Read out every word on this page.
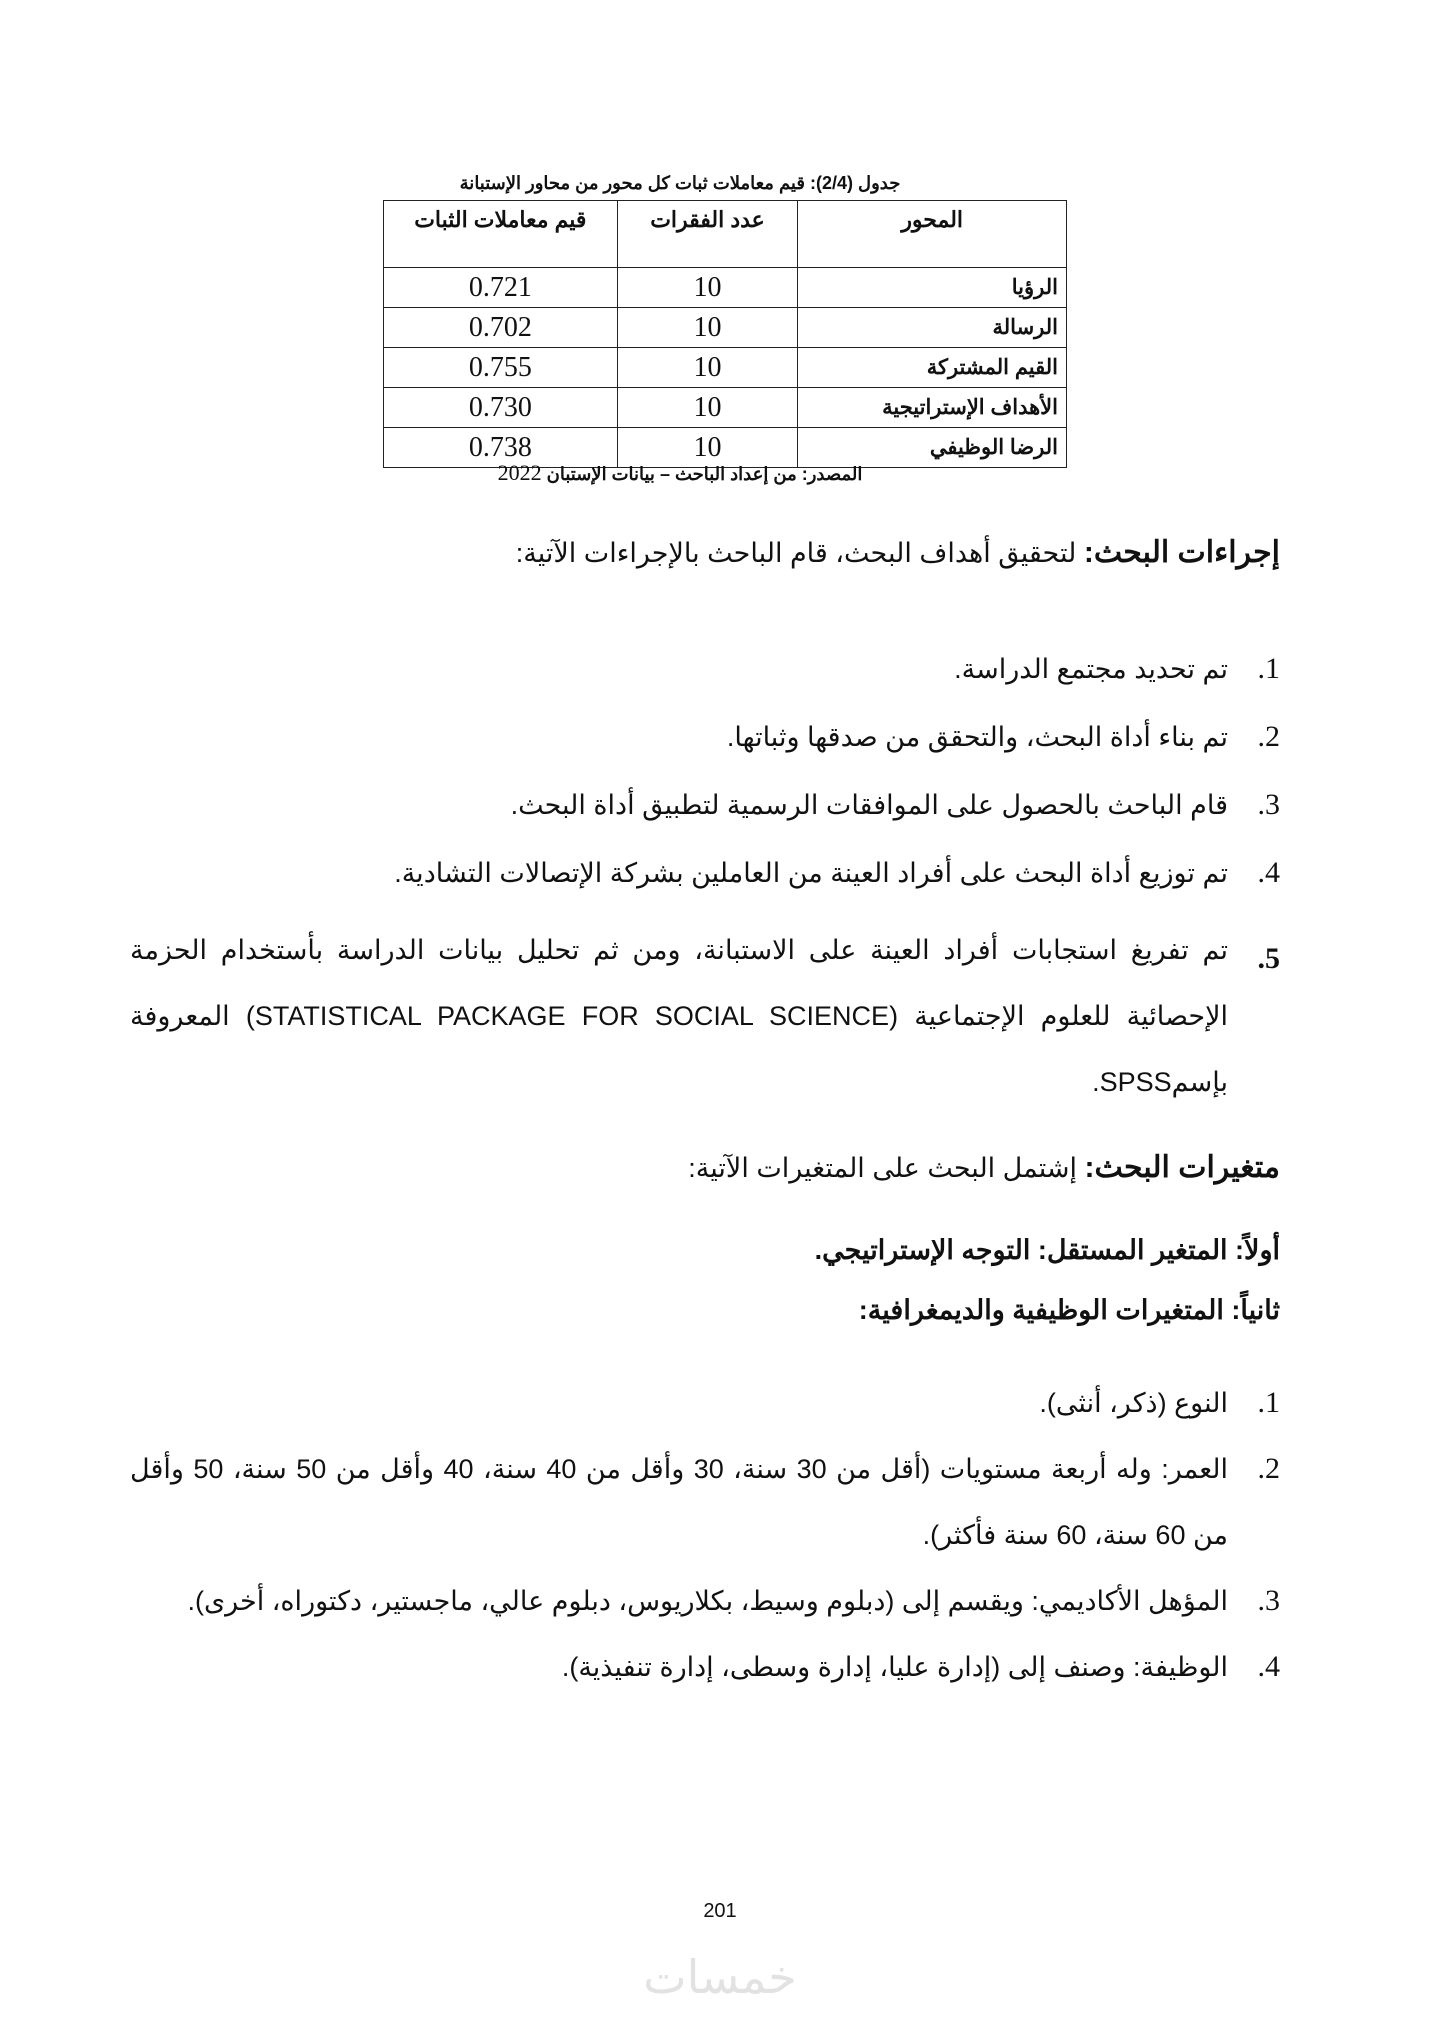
جدول (2/4): قيم معاملات ثبات كل محور من محاور الإستبانة
المحور	عدد الفقرات	قيم معاملات الثبات
الرؤيا	10	0.721
الرسالة	10	0.702
القيم المشتركة	10	0.755
الأهداف الإستراتيجية	10	0.730
الرضا الوظيفي	10	0.738
المصدر: من إعداد الباحث – بيانات الإستبان 2022
إجراءات البحث: لتحقيق أهداف البحث، قام الباحث بالإجراءات الآتية:
1.
تم تحديد مجتمع الدراسة.
2.
تم بناء أداة البحث، والتحقق من صدقها وثباتها.
3.
قام الباحث بالحصول على الموافقات الرسمية لتطبيق أداة البحث.
4.
تم توزيع أداة البحث على أفراد العينة من العاملين بشركة الإتصالات التشادية.
5.
تم تفريغ استجابات أفراد العينة على الاستبانة، ومن ثم تحليل بيانات الدراسة بأستخدام الحزمة الإحصائية للعلوم الإجتماعية (STATISTICAL PACKAGE FOR SOCIAL SCIENCE) المعروفة بإسمSPSS.
متغيرات البحث: إشتمل البحث على المتغيرات الآتية:
أولاً: المتغير المستقل: التوجه الإستراتيجي.
ثانياً: المتغيرات الوظيفية والديمغرافية:
1.
النوع (ذكر، أنثى).
2.
العمر: وله أربعة مستويات (أقل من 30 سنة، 30 وأقل من 40 سنة، 40 وأقل من 50 سنة، 50 وأقل من 60 سنة، 60 سنة فأكثر).
3.
المؤهل الأكاديمي: ويقسم إلى (دبلوم وسيط، بكلاريوس، دبلوم عالي، ماجستير، دكتوراه، أخرى).
4.
الوظيفة: وصنف إلى (إدارة عليا، إدارة وسطى، إدارة تنفيذية).
201
خمسات
